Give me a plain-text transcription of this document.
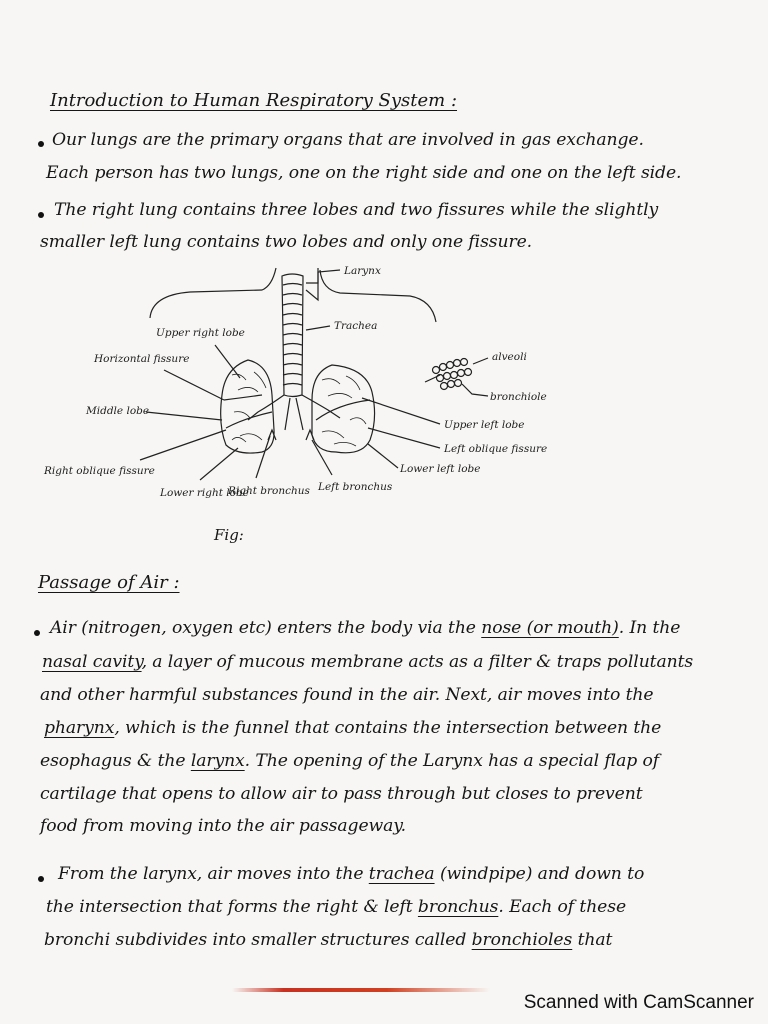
Introduction to Human Respiratory System :
Our lungs are the primary organs that are involved in gas exchange.
Each person has two lungs, one on the right side and one on the left side.
The right lung contains three lobes and two fissures while the slightly
smaller left lung contains two lobes and only one fissure.
Larynx
Trachea
Upper right lobe
Horizontal fissure
Middle lobe
Right oblique fissure
Lower right lobe
Right bronchus Left bronchus
alveoli
bronchiole
Upper left lobe
Left oblique fissure
Lower left lobe
Fig:
Passage of Air :
Air (nitrogen, oxygen etc) enters the body via the nose (or mouth). In the
nasal cavity, a layer of mucous membrane acts as a filter & traps pollutants
and other harmful substances found in the air. Next, air moves into the
pharynx, which is the funnel that contains the intersection between the
esophagus & the larynx. The opening of the Larynx has a special flap of
cartilage that opens to allow air to pass through but closes to prevent
food from moving into the air passageway.
From the larynx, air moves into the trachea (windpipe) and down to
the intersection that forms the right & left bronchus. Each of these
bronchi subdivides into smaller structures called bronchioles that
Scanned with CamScanner
